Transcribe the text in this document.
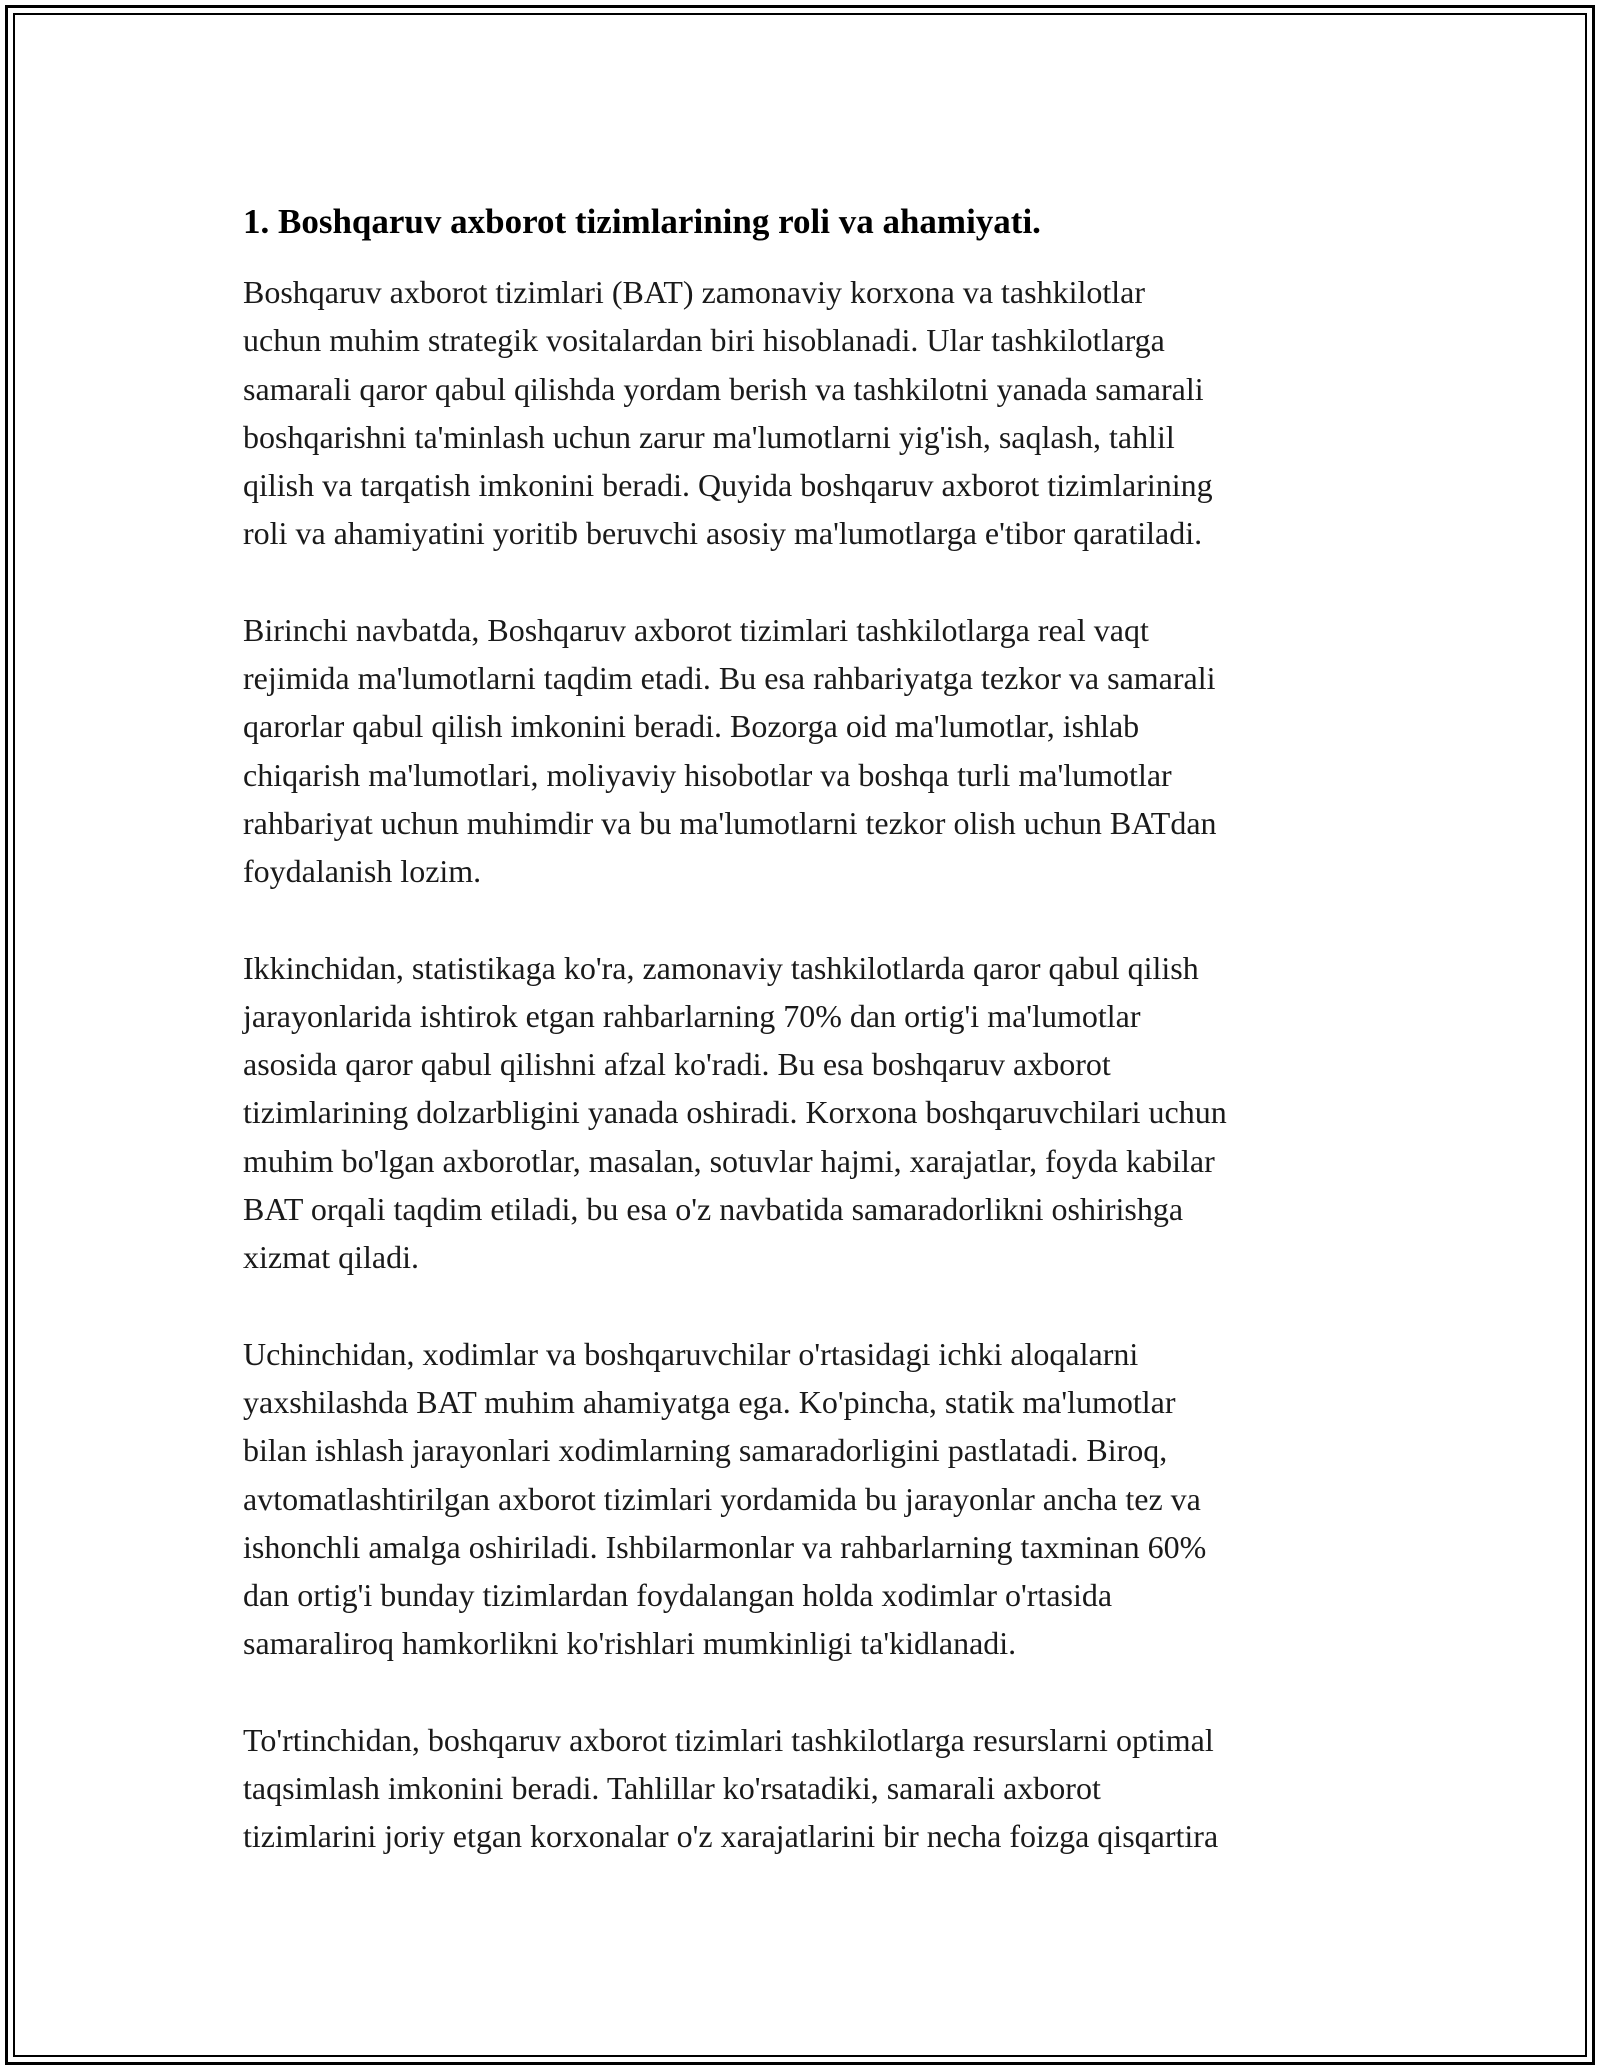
1. Boshqaruv axborot tizimlarining roli va ahamiyati.

Boshqaruv axborot tizimlari (BAT) zamonaviy korxona va tashkilotlar
uchun muhim strategik vositalardan biri hisoblanadi. Ular tashkilotlarga
samarali qaror qabul qilishda yordam berish va tashkilotni yanada samarali
boshqarishni ta'minlash uchun zarur ma'lumotlarni yig'ish, saqlash, tahlil
qilish va tarqatish imkonini beradi. Quyida boshqaruv axborot tizimlarining
roli va ahamiyatini yoritib beruvchi asosiy ma'lumotlarga e'tibor qaratiladi.

Birinchi navbatda, Boshqaruv axborot tizimlari tashkilotlarga real vaqt
rejimida ma'lumotlarni taqdim etadi. Bu esa rahbariyatga tezkor va samarali
qarorlar qabul qilish imkonini beradi. Bozorga oid ma'lumotlar, ishlab
chiqarish ma'lumotlari, moliyaviy hisobotlar va boshqa turli ma'lumotlar
rahbariyat uchun muhimdir va bu ma'lumotlarni tezkor olish uchun BATdan
foydalanish lozim.

Ikkinchidan, statistikaga ko'ra, zamonaviy tashkilotlarda qaror qabul qilish
jarayonlarida ishtirok etgan rahbarlarning 70% dan ortig'i ma'lumotlar
asosida qaror qabul qilishni afzal ko'radi. Bu esa boshqaruv axborot
tizimlarining dolzarbligini yanada oshiradi. Korxona boshqaruvchilari uchun
muhim bo'lgan axborotlar, masalan, sotuvlar hajmi, xarajatlar, foyda kabilar
BAT orqali taqdim etiladi, bu esa o'z navbatida samaradorlikni oshirishga
xizmat qiladi.

Uchinchidan, xodimlar va boshqaruvchilar o'rtasidagi ichki aloqalarni
yaxshilashda BAT muhim ahamiyatga ega. Ko'pincha, statik ma'lumotlar
bilan ishlash jarayonlari xodimlarning samaradorligini pastlatadi. Biroq,
avtomatlashtirilgan axborot tizimlari yordamida bu jarayonlar ancha tez va
ishonchli amalga oshiriladi. Ishbilarmonlar va rahbarlarning taxminan 60%
dan ortig'i bunday tizimlardan foydalangan holda xodimlar o'rtasida
samaraliroq hamkorlikni ko'rishlari mumkinligi ta'kidlanadi.

To'rtinchidan, boshqaruv axborot tizimlari tashkilotlarga resurslarni optimal
taqsimlash imkonini beradi. Tahlillar ko'rsatadiki, samarali axborot
tizimlarini joriy etgan korxonalar o'z xarajatlarini bir necha foizga qisqartira
